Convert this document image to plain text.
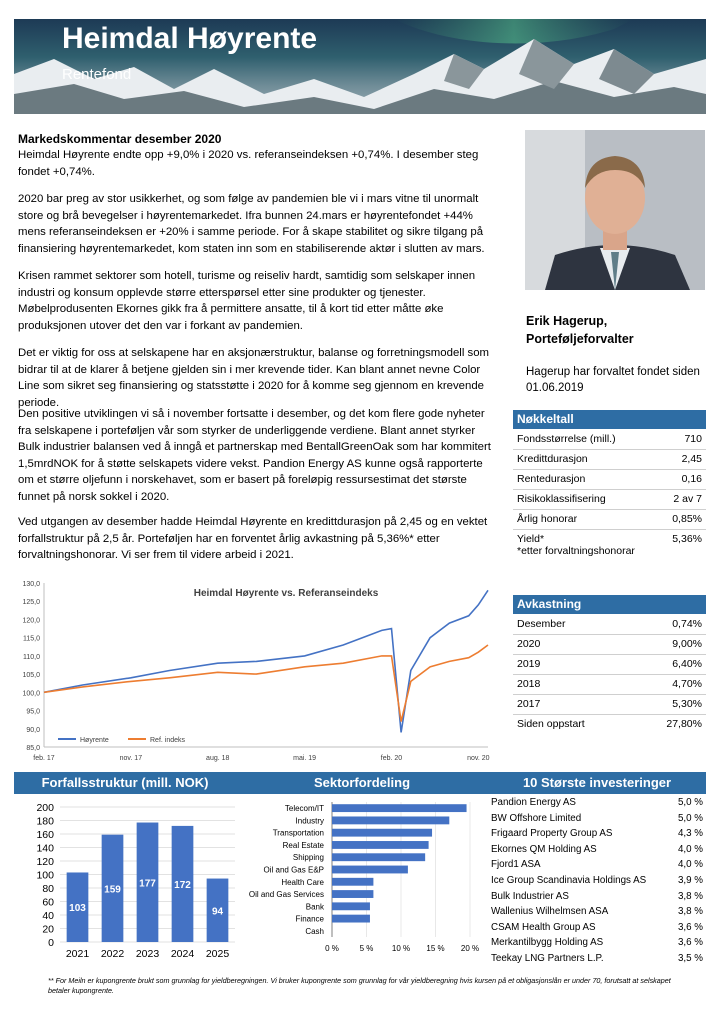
Heimdal Høyrente
Rentefond
Markedskommentar desember 2020
Heimdal Høyrente endte opp +9,0% i 2020 vs. referanseindeksen +0,74%. I desember steg fondet +0,74%.
2020 bar preg av stor usikkerhet, og som følge av pandemien ble vi i mars vitne til unormalt store og brå bevegelser i høyrentemarkedet. Ifra bunnen 24.mars er høyrentefondet +44% mens referanseindeksen er +20% i samme periode. For å skape stabilitet og sikre tilgang på finansiering høyrentemarkedet, kom staten inn som en stabiliserende aktør i slutten av mars.
Krisen rammet sektorer som hotell, turisme og reiseliv hardt, samtidig som selskaper innen industri og konsum opplevde større etterspørsel etter sine produkter og tjenester. Møbelprodusenten Ekornes gikk fra å permittere ansatte, til å kort tid etter måtte øke produksjonen utover det den var i forkant av pandemien.
Det er viktig for oss at selskapene har en aksjonærstruktur, balanse og forretningsmodell som bidrar til at de klarer å betjene gjelden sin i mer krevende tider. Kan blant annet nevne Color Line som sikret seg finansiering og statsstøtte i 2020 for å komme seg gjennom en krevende periode.
Den positive utviklingen vi så i november fortsatte i desember, og det kom flere gode nyheter fra selskapene i porteføljen vår som styrker de underliggende verdiene. Blant annet styrker Bulk industrier balansen ved å inngå et partnerskap med BentallGreenOak som har kommitert 1,5mrdNOK for å støtte selskapets videre vekst. Pandion Energy AS kunne også rapporterte om et større oljefunn i norskehavet, som er basert på foreløpig ressursestimat det største funnet på norsk sokkel i 2020.
Ved utgangen av desember hadde Heimdal Høyrente en kredittdurasjon på 2,45 og en vektet forfallstruktur på 2,5 år. Porteføljen har en forventet årlig avkastning på 5,36%* etter forvaltningshonorar. Vi ser frem til videre arbeid i 2021.
Erik Hagerup,
Porteføljeforvalter
Hagerup har forvaltet fondet siden 01.06.2019
Nøkkeltall
Fondsstørrelse (mill.)	710
Kredittdurasjon	2,45
Rentedurasjon	0,16
Risikoklassifisering	2 av 7
Årlig honorar	0,85%
Yield*	5,36%
*etter forvaltningshonorar
Avkastning
Desember	0,74%
2020	9,00%
2019	6,40%
2018	4,70%
2017	5,30%
Siden oppstart	27,80%
130,0
125,0
120,0
115,0
110,0
105,0
100,0
95,0
90,0
85,0
feb. 17	nov. 17	aug. 18	mai. 19	feb. 20	nov. 20
Heimdal Høyrente vs. Referanseindeks
Høyrente	Ref. indeks
Forfallsstruktur (mill. NOK)	Sektorfordeling	10 Største investeringer
200
180
160
140
120
100
80
60
40
20
0
103
2021
159
2022
177
2023
172
2024
94
2025	0 %	5 % 10 % 15 % 20 %
Telecom/IT
Industry
Transportation
Real Estate
Shipping
Oil and Gas E&P
Health Care
Oil and Gas Services
Bank
Finance
Cash
Pandion Energy AS	5,0 %
BW Offshore Limited	5,0 %
Frigaard Property Group AS	4,3 %
Ekornes QM Holding AS	4,0 %
Fjord1 ASA	4,0 %
Ice Group Scandinavia Holdings AS	3,9 %
Bulk Industrier AS	3,8 %
Wallenius Wilhelmsen ASA	3,8 %
CSAM Health Group AS	3,6 %
Merkantilbygg Holding AS	3,6 %
Teekay LNG Partners L.P.	3,5 %
** For Meiln er kupongrente brukt som grunnlag for yieldberegningen. Vi bruker kupongrente som grunnlag for vår yieldberegning hvis kursen på et obligasjonslån er under 70, forutsatt at selskapet betaler kupongrente.
